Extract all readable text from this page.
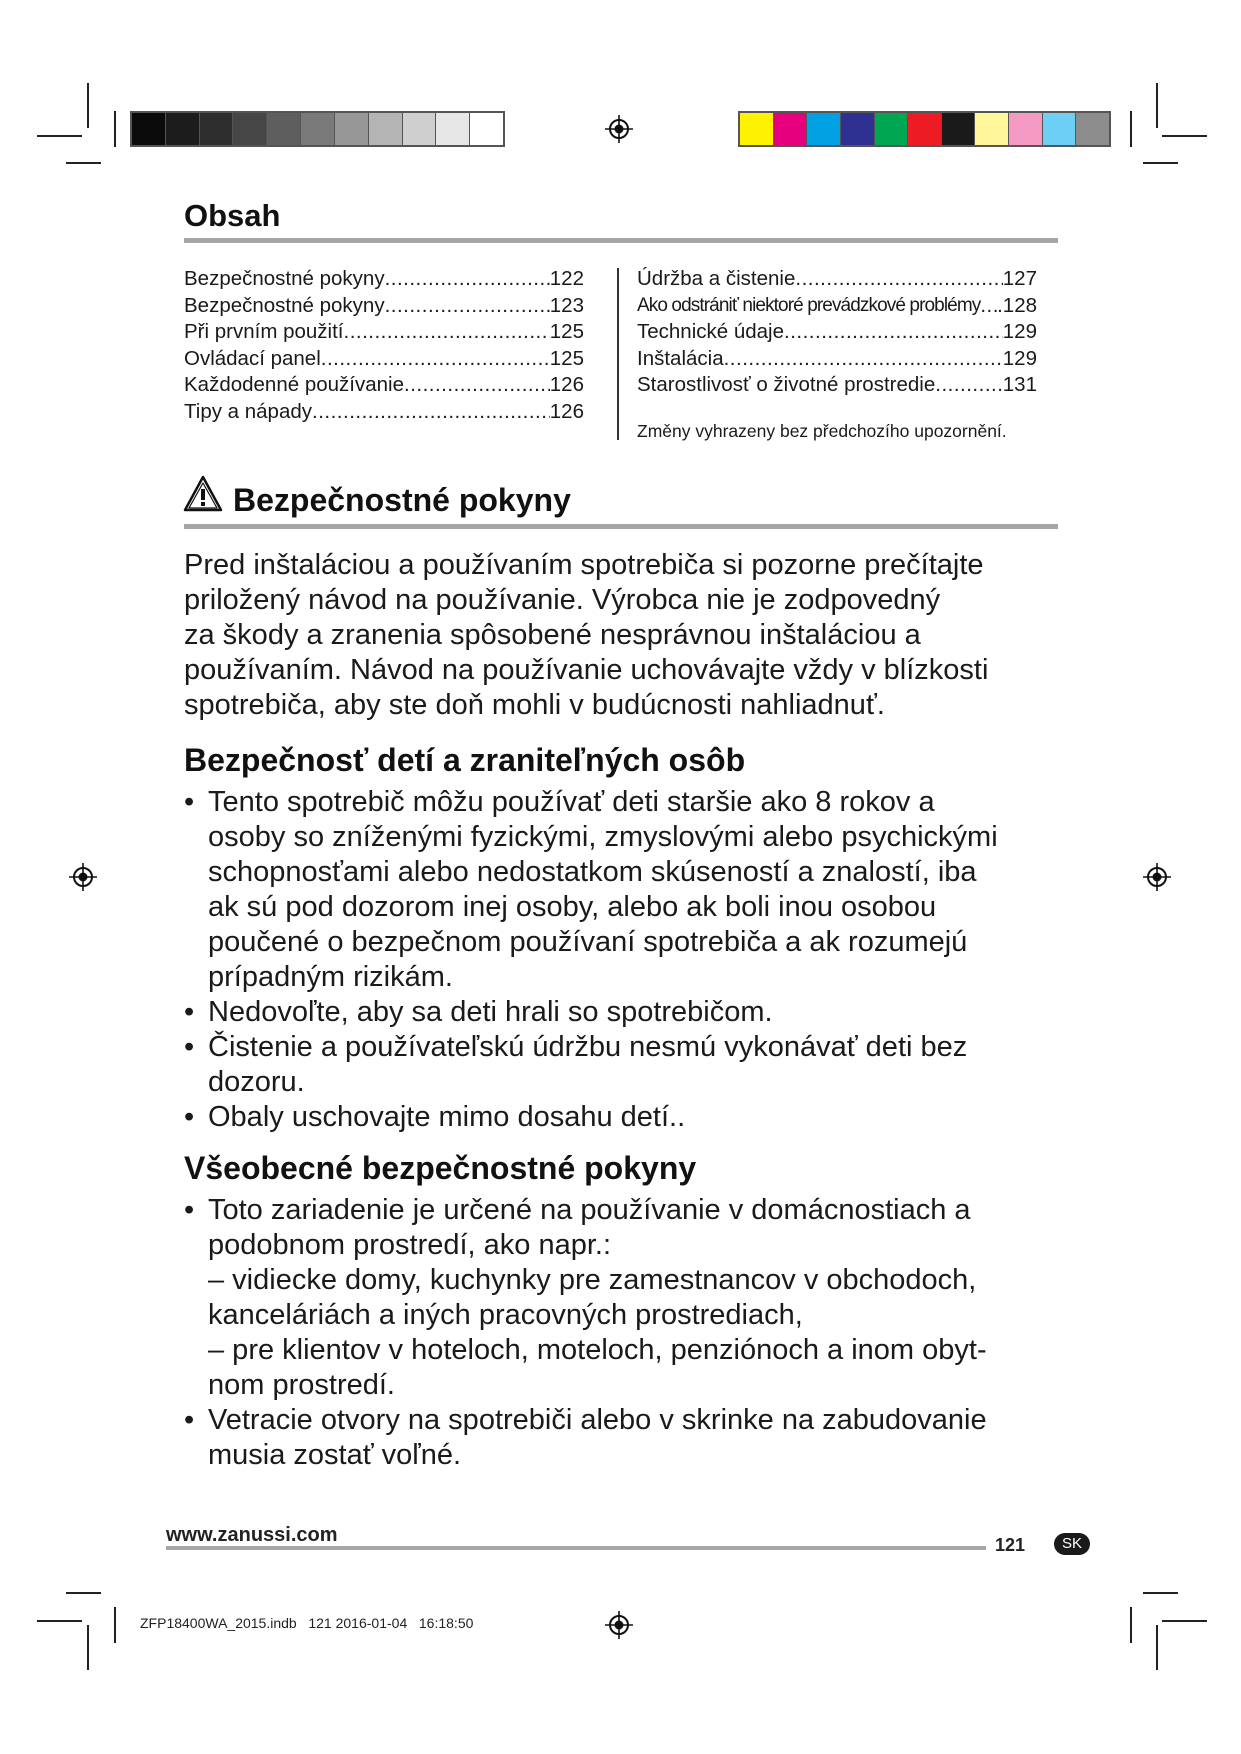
Obsah
Bezpečnostné pokyny .....	122
Bezpečnostné pokyny .....	123
Při prvním použití .....	125
Ovládací panel .....	125
Každodenné používanie .....	126
Tipy a nápady .....	126
Údržba a čistenie .....	127
Ako odstrániť niektoré prevádzkové problémy ..... .128
Technické údaje .....	129
Inštalácia .....	129
Starostlivosť o životné prostredie .....	131
Změny vyhrazeny bez předchozího upozornění.
Bezpečnostné pokyny
Pred inštaláciou a používaním spotrebiča si pozorne prečítajte
priložený návod na používanie. Výrobca nie je zodpovedný
za škody a zranenia spôsobené nesprávnou inštaláciou a
používaním. Návod na používanie uchovávajte vždy v blízkosti
spotrebiča, aby ste doň mohli v budúcnosti nahliadnuť.
Bezpečnosť detí a zraniteľných osôb
• Tento spotrebič môžu používať deti staršie ako 8 rokov a
osoby so zníženými fyzickými, zmyslovými alebo psychickými
schopnosťami alebo nedostatkom skúseností a znalostí, iba
ak sú pod dozorom inej osoby, alebo ak boli inou osobou
poučené o bezpečnom používaní spotrebiča a ak rozumejú
prípadným rizikám.
• Nedovoľte, aby sa deti hrali so spotrebičom.
• Čistenie a používateľskú údržbu nesmú vykonávať deti bez
dozoru.
• Obaly uschovajte mimo dosahu detí..
Všeobecné bezpečnostné pokyny
• Toto zariadenie je určené na používanie v domácnostiach a
podobnom prostredí, ako napr.:
– vidiecke domy, kuchynky pre zamestnancov v obchodoch,
kanceláriách a iných pracovných prostrediach,
– pre klientov v hoteloch, moteloch, penziónoch a inom obyt-
nom prostredí.
• Vetracie otvory na spotrebiči alebo v skrinke na zabudovanie
musia zostať voľné.
www.zanussi.com	121	SK
ZFP18400WA_2015.indb   121 2016-01-04   16:18:50
